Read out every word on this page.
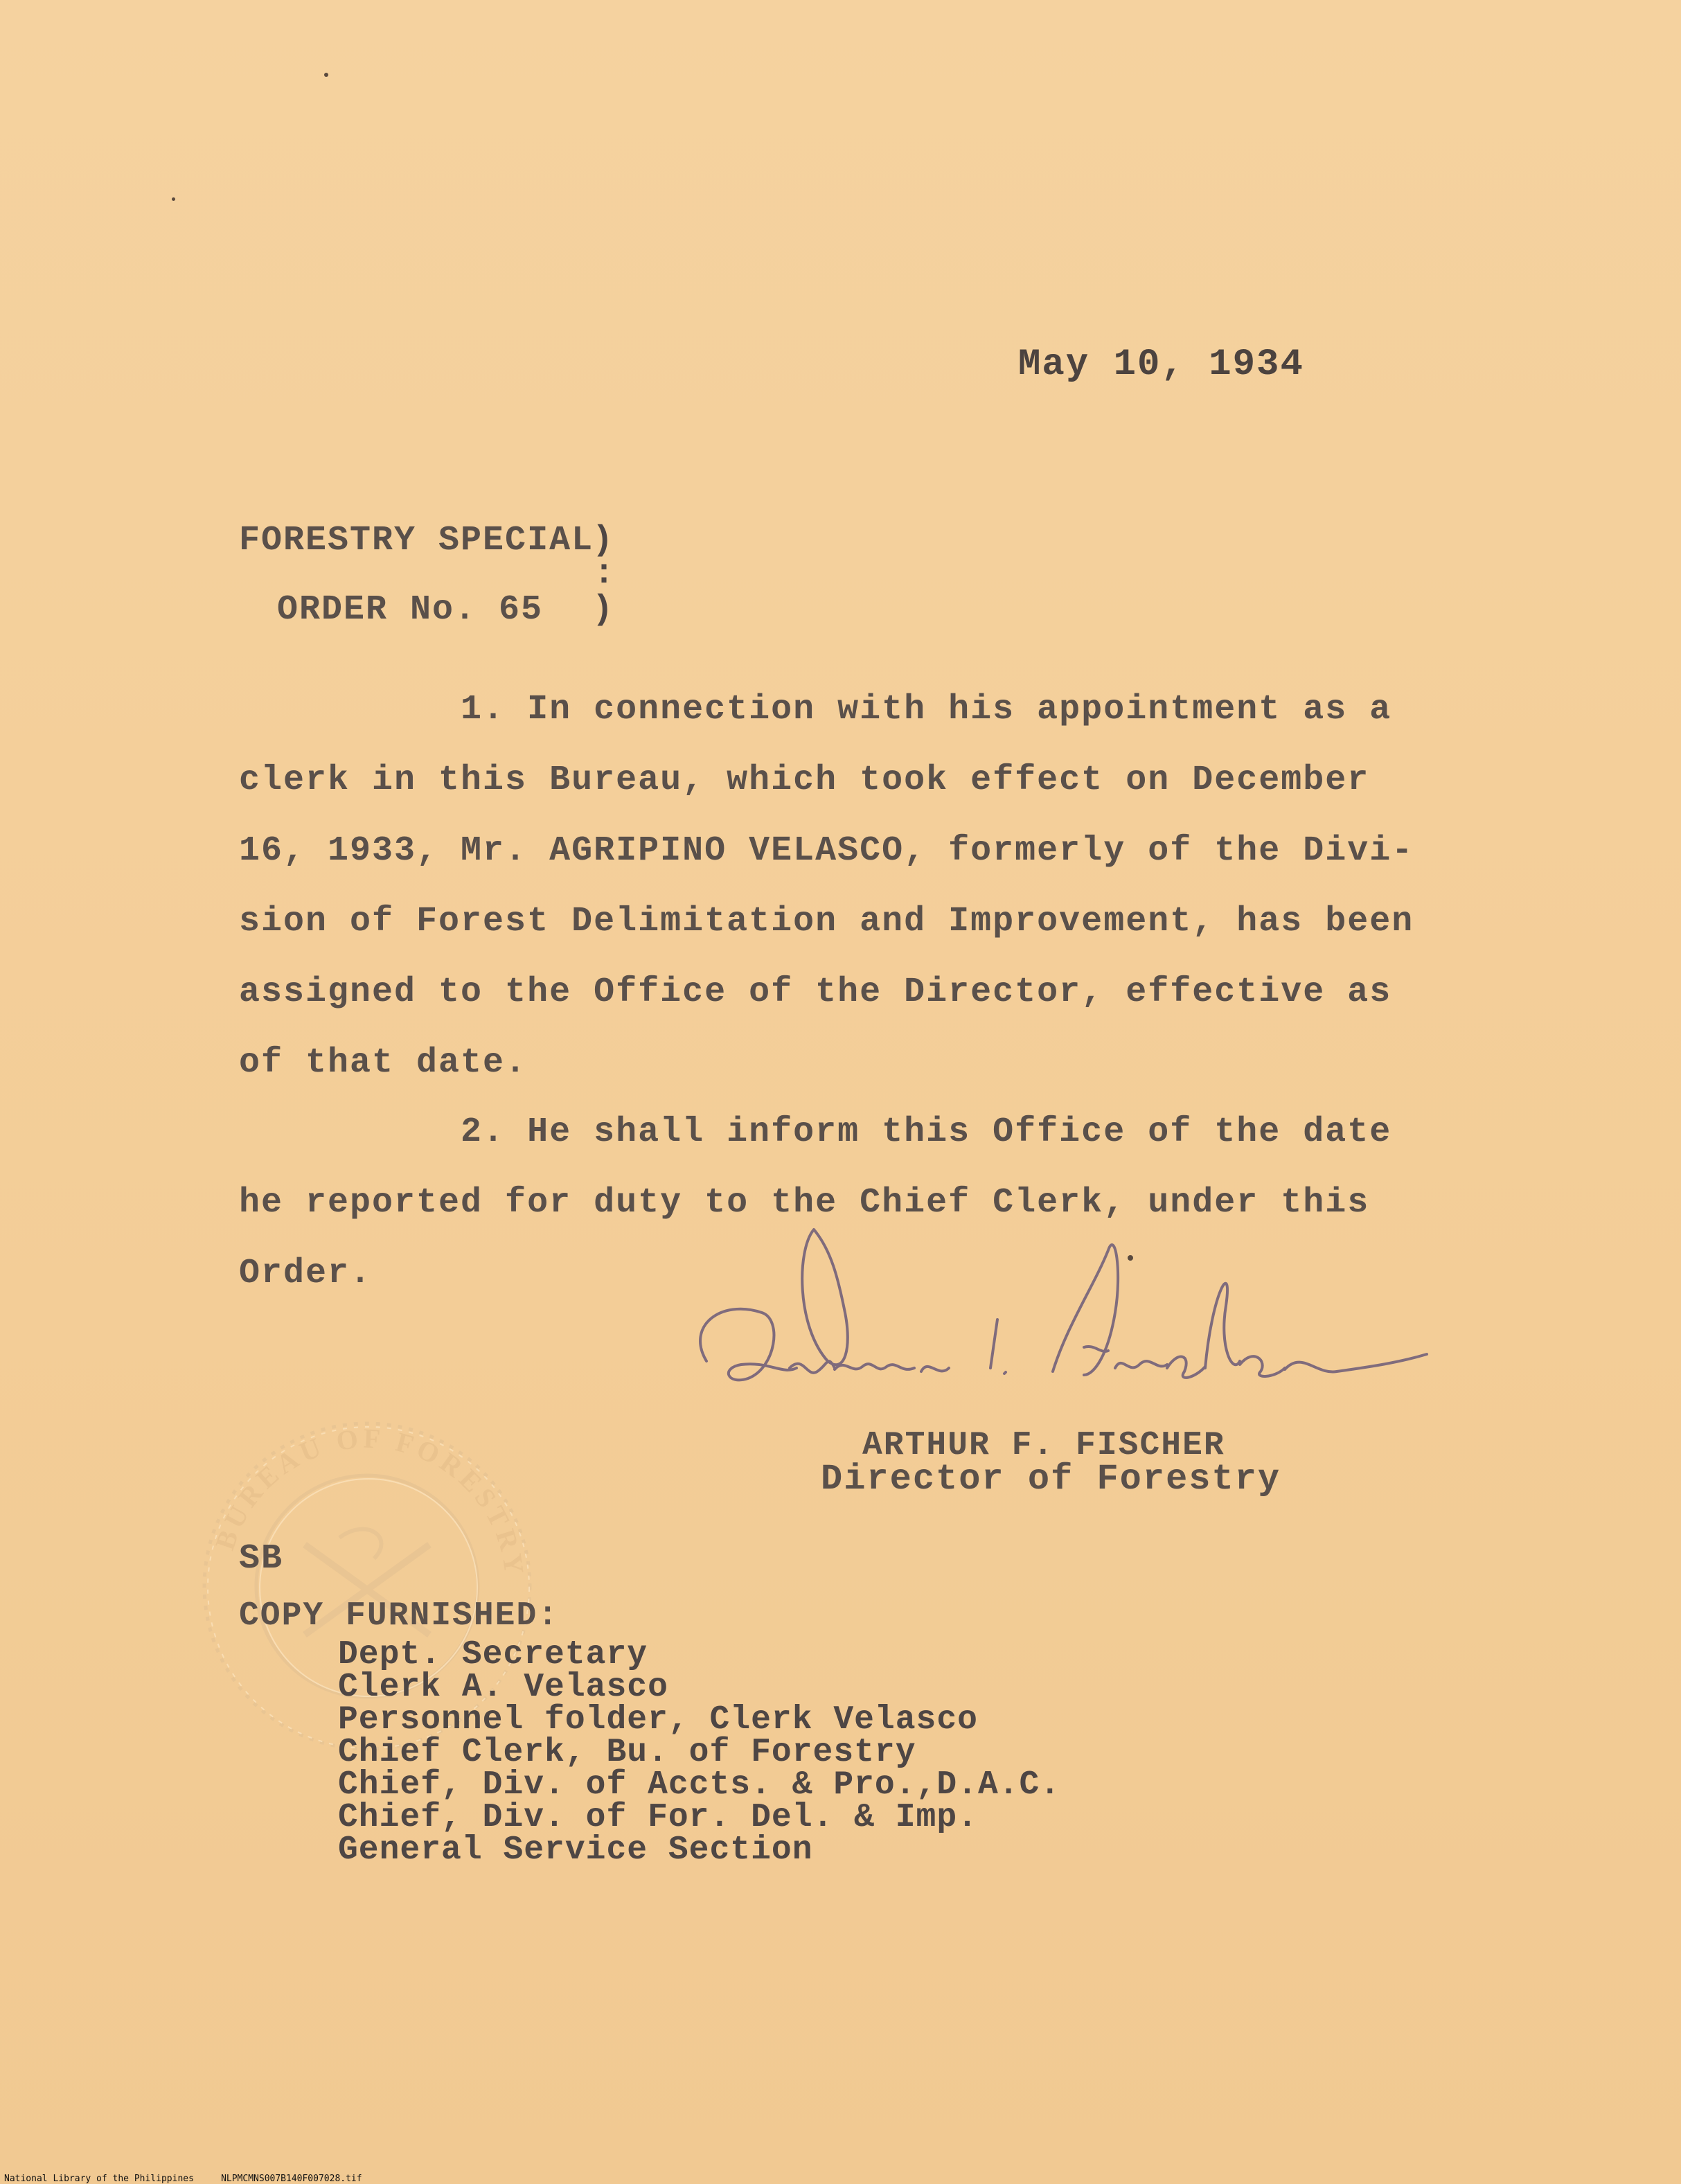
May 10, 1934
FORESTRY SPECIAL
)
:
ORDER No. 65 )
1. In connection with his appointment as a
clerk in this Bureau, which took effect on December
16, 1933, Mr. AGRIPINO VELASCO, formerly of the Divi-
sion of Forest Delimitation and Improvement, has been
assigned to the Office of the Director, effective as
of that date.
2. He shall inform this Office of the date
he reported for duty to the Chief Clerk, under this
Order.
ARTHUR F. FISCHER
Director of Forestry
BUREAU OF FORESTRY
SB
COPY FURNISHED:
Dept. Secretary
Clerk A. Velasco
Personnel folder, Clerk Velasco
Chief Clerk, Bu. of Forestry
Chief, Div. of Accts. & Pro.,D.A.C.
Chief, Div. of For. Del. & Imp.
General Service Section
National Library of the Philippines	NLPMCMNS007B140F007028.tif
